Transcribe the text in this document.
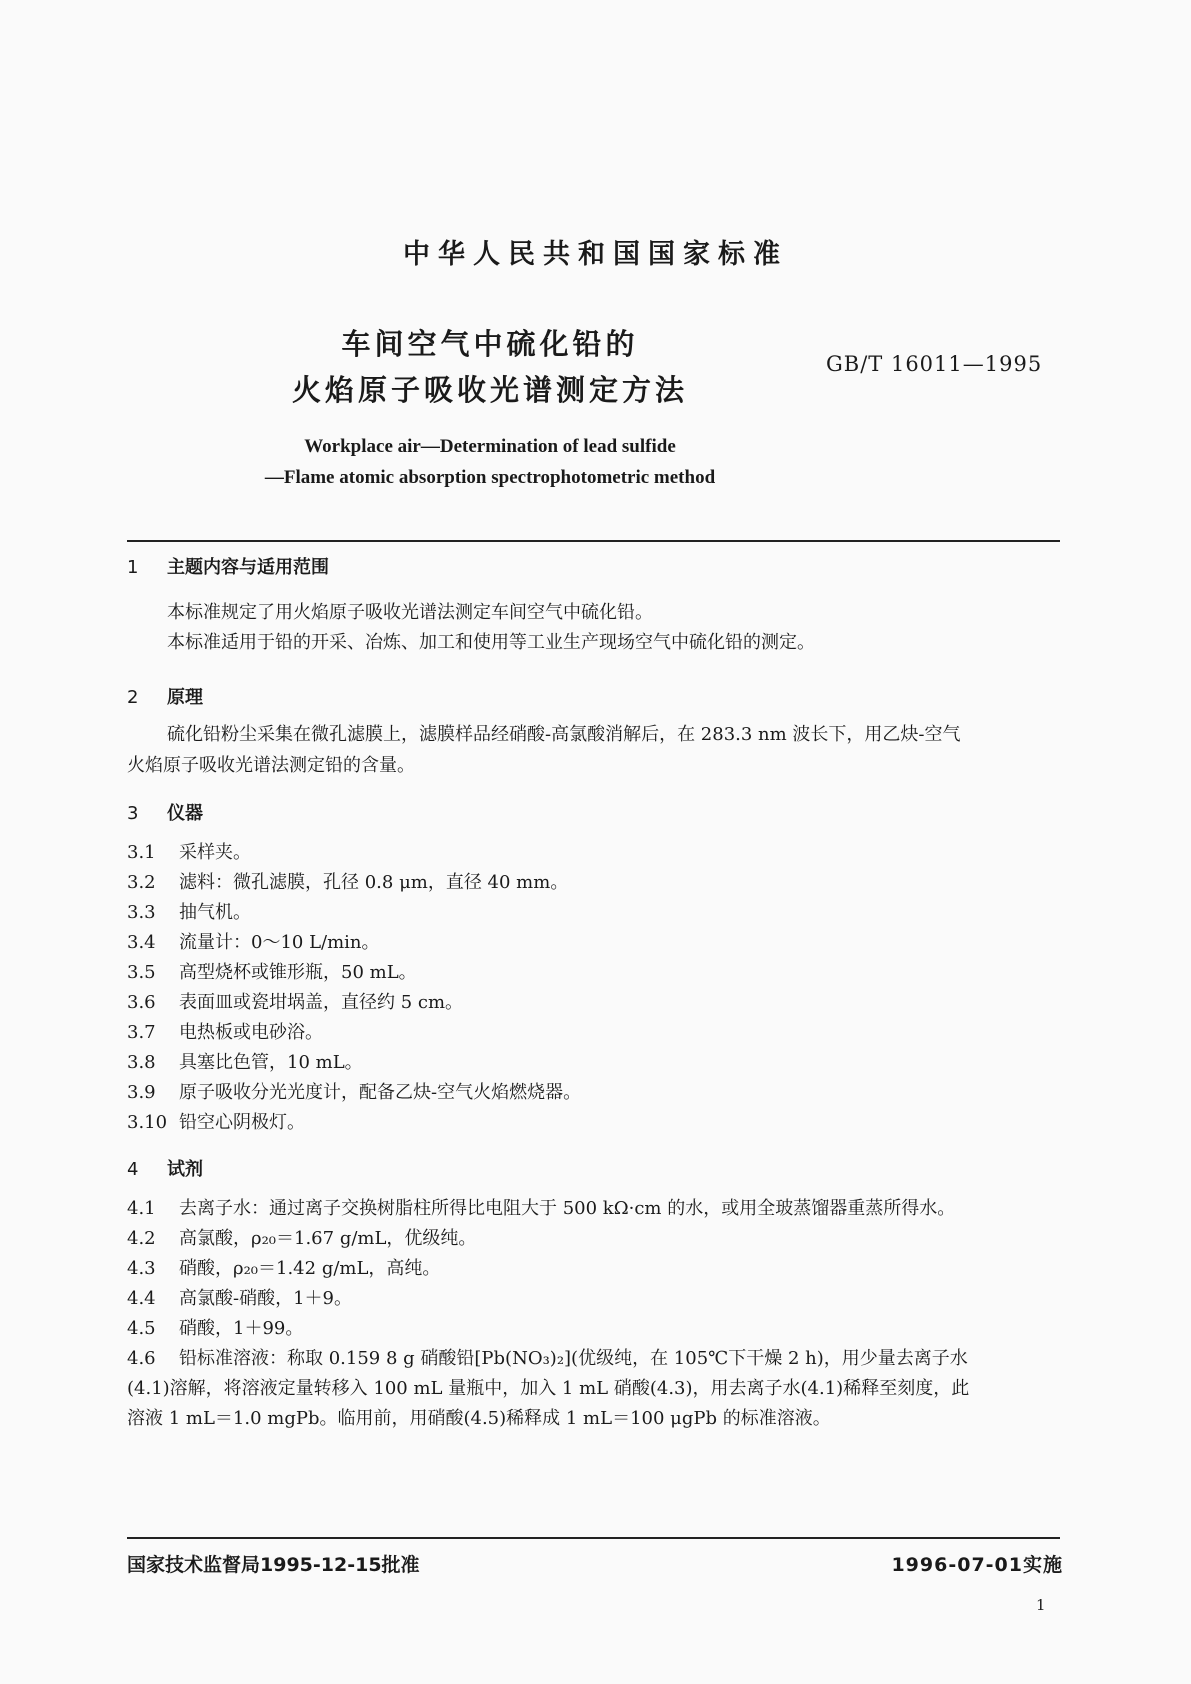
中华人民共和国国家标准
车间空气中硫化铅的
火焰原子吸收光谱测定方法
GB/T 16011—1995
Workplace air—Determination of lead sulfide
—Flame atomic absorption spectrophotometric method
1 主题内容与适用范围
本标准规定了用火焰原子吸收光谱法测定车间空气中硫化铅。
本标准适用于铅的开采、冶炼、加工和使用等工业生产现场空气中硫化铅的测定。
2 原理
硫化铅粉尘采集在微孔滤膜上，滤膜样品经硝酸-高氯酸消解后，在 283.3 nm 波长下，用乙炔-空气
火焰原子吸收光谱法测定铅的含量。
3 仪器
3.1 采样夹。
3.2 滤料：微孔滤膜，孔径 0.8 μm，直径 40 mm。
3.3 抽气机。
3.4 流量计：0～10 L/min。
3.5 高型烧杯或锥形瓶，50 mL。
3.6 表面皿或瓷坩埚盖，直径约 5 cm。
3.7 电热板或电砂浴。
3.8 具塞比色管，10 mL。
3.9 原子吸收分光光度计，配备乙炔-空气火焰燃烧器。
3.10 铅空心阴极灯。
4 试剂
4.1 去离子水：通过离子交换树脂柱所得比电阻大于 500 kΩ·cm 的水，或用全玻蒸馏器重蒸所得水。
4.2 高氯酸，ρ₂₀＝1.67 g/mL，优级纯。
4.3 硝酸，ρ₂₀＝1.42 g/mL，高纯。
4.4 高氯酸-硝酸，1＋9。
4.5 硝酸，1＋99。
4.6 铅标准溶液：称取 0.159 8 g 硝酸铅[Pb(NO₃)₂](优级纯，在 105℃下干燥 2 h)，用少量去离子水
(4.1)溶解，将溶液定量转移入 100 mL 量瓶中，加入 1 mL 硝酸(4.3)，用去离子水(4.1)稀释至刻度，此
溶液 1 mL＝1.0 mgPb。临用前，用硝酸(4.5)稀释成 1 mL＝100 μgPb 的标准溶液。
国家技术监督局1995-12-15批准	1996-07-01实施
1
